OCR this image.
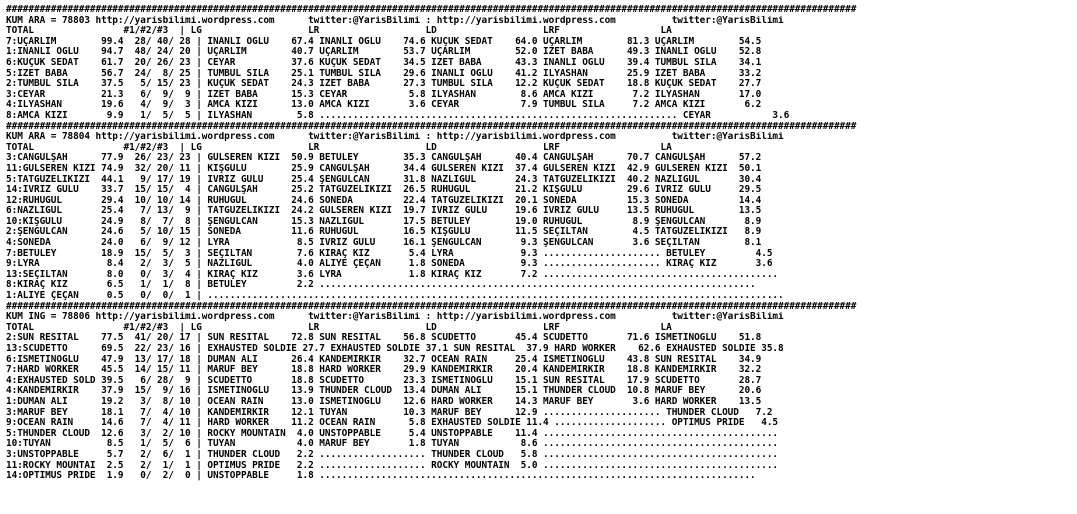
########################################################################################################################################################
KUM ARA = 78803 http://yarisbilimi.wordpress.com      twitter:@YarisBilimi : http://yarisbilimi.wordpress.com          twitter:@YarisBilimi
TOTAL                #1/#2/#3  | LG                   LR                   LD                   LRF                  LA
7:UÇARLIM        99.4  28/ 40/ 28 | İNANLI OĞLU    67.4 İNANLI OĞLU    74.6 KÜÇÜK SEDAT    64.0 UÇARLIM        81.3 UÇARLIM        54.5
1:İNANLI OĞLU    94.7  48/ 24/ 20 | UÇARLIM        40.7 UÇARLIM        53.7 UÇARLIM        52.0 İZET BABA      49.3 İNANLI OĞLU    52.8
6:KÜÇÜK SEDAT    61.7  20/ 26/ 23 | CEYAR          37.6 KÜÇÜK SEDAT    34.5 İZET BABA      43.3 İNANLI OĞLU    39.4 TUMBUL SILA    34.1
5:İZET BABA      56.7  24/  8/ 25 | TUMBUL SILA    25.1 TUMBUL SILA    29.6 İNANLI OĞLU    41.2 İLYASHAN       25.9 İZET BABA      33.2
2:TUMBUL SILA    37.5   5/ 15/ 23 | KÜÇÜK SEDAT    24.3 İZET BABA      27.3 TUMBUL SILA    12.2 KÜÇÜK SEDAT    18.8 KÜÇÜK SEDAT    27.7
3:CEYAR          21.3   6/  9/  9 | İZET BABA      15.3 CEYAR           5.8 İLYASHAN        8.6 AMCA KIZI       7.2 İLYASHAN       17.0
4:İLYASHAN       19.6   4/  9/  3 | AMCA KIZI      13.0 AMCA KIZI       3.6 CEYAR           7.9 TUMBUL SILA     7.2 AMCA KIZI       6.2
8:AMCA KIZI       9.9   1/  5/  5 | İLYASHAN        5.8 ................................................................ CEYAR           3.6
########################################################################################################################################################
KUM ARA = 78804 http://yarisbilimi.wordpress.com      twitter:@YarisBilimi : http://yarisbilimi.wordpress.com          twitter:@YarisBilimi
TOTAL                #1/#2/#3  | LG                   LR                   LD                   LRF                  LA
3:CANGÜLŞAH      77.9  26/ 23/ 23 | GÜLSEREN KIZI  50.9 BETÜLEY        35.3 CANGÜLŞAH      40.4 CANGÜLŞAH      70.7 CANGÜLŞAH      57.2
11:GÜLSEREN KIZI 74.9  32/ 20/ 11 | KIŞGÜLÜ        25.9 CANGÜLŞAH      34.4 GÜLSEREN KIZI  37.4 GÜLSEREN KIZI  42.9 GÜLSEREN KIZI  50.1
5:TATGÜZELİKIZI  44.1   9/ 17/ 19 | İVRİZ GÜLÜ     25.4 ŞENGÜLCAN      31.8 NAZLIGÜL       24.3 TATGÜZELİKIZI  40.2 NAZLIGÜL       30.4
14:İVRİZ GÜLÜ    33.7  15/ 15/  4 | CANGÜLŞAH      25.2 TATGÜZELİKIZI  26.5 RUHUGÜL        21.2 KIŞGÜLÜ        29.6 İVRİZ GÜLÜ     29.5
12:RUHUGÜL       29.4  10/ 10/ 14 | RUHUGÜL        24.6 SONEDA         22.4 TATGÜZELİKIZI  20.1 SONEDA         15.3 SONEDA         14.4
6:NAZLIGÜL       25.4   7/ 13/  9 | TATGÜZELİKIZI  24.2 GÜLSEREN KIZI  19.7 İVRİZ GÜLÜ     19.6 İVRİZ GÜLÜ     13.5 RUHUGÜL        13.5
10:KIŞGÜLÜ       24.9   8/  7/  8 | ŞENGÜLCAN      15.3 NAZLIGÜL       17.5 BETÜLEY        19.0 RUHUGÜL         8.9 ŞENGÜLCAN       8.9
2:ŞENGÜLCAN      24.6   5/ 10/ 15 | SONEDA         11.6 RUHUGÜL        16.5 KIŞGÜLÜ        11.5 SEÇİLTAN        4.5 TATGÜZELİKIZI   8.9
4:SONEDA         24.0   6/  9/ 12 | LYRA            8.5 İVRİZ GÜLÜ     16.1 ŞENGÜLCAN       9.3 ŞENGÜLCAN       3.6 SEÇİLTAN        8.1
7:BETÜLEY        18.9  15/  5/  3 | SEÇİLTAN        7.6 KIRAÇ KIZ       5.4 LYRA            9.3 ..................... BETÜLEY         4.5
9:LYRA            8.4   2/  3/  5 | NAZLIGÜL        4.0 ALİYE ÇEÇAN     1.8 SONEDA          9.3 ..................... KIRAÇ KIZ       3.6
13:SEÇİLTAN       8.0   0/  3/  4 | KIRAÇ KIZ       3.6 LYRA            1.8 KIRAÇ KIZ       7.2 ..........................................
8:KIRAÇ KIZ       6.5   1/  1/  8 | BETÜLEY         2.2 ..............................................................................
1:ALİYE ÇEÇAN     0.5   0/  0/  1 | .......................................................................................................
########################################################################################################################################################
KUM İNG = 78806 http://yarisbilimi.wordpress.com      twitter:@YarisBilimi : http://yarisbilimi.wordpress.com          twitter:@YarisBilimi
TOTAL                #1/#2/#3  | LG                   LR                   LD                   LRF                  LA
2:SUN RESITAL    77.5  41/ 20/ 17 | SUN RESITAL    72.8 SUN RESITAL    56.8 SCUDETTO       45.4 SCUDETTO       71.6 İSMETİNOĞLU    51.8
13:SCUDETTO      69.5  22/ 23/ 16 | EXHAUSTED SOLDIE 27.7 EXHAUSTED SOLDIE 37.1 SUN RESITAL  37.9 HARD WORKER    62.6 EXHAUSTED SOLDIE 35.8
6:İSMETİNOĞLU    47.9  13/ 17/ 18 | DUMAN ALİ      26.4 KANDEMİRKIR    32.7 OCEAN RAIN     25.4 İSMETİNOĞLU    43.8 SUN RESITAL    34.9
7:HARD WORKER    45.5  14/ 15/ 11 | MARUF BEY      18.8 HARD WORKER    29.9 KANDEMİRKIR    20.4 KANDEMİRKIR    18.8 KANDEMİRKIR    32.2
4:EXHAUSTED SOLD 39.5   6/ 28/  9 | SCUDETTO       18.8 SCUDETTO       23.3 İSMETİNOĞLU    15.1 SUN RESITAL    17.9 SCUDETTO       28.7
4:KANDEMİRKIR    37.9  15/  9/ 16 | İSMETİNOĞLU    13.9 THUNDER CLOUD  13.4 DUMAN ALİ      15.1 THUNDER CLOUD  10.8 MARUF BEY      20.6
1:DUMAN ALİ      19.2   3/  8/ 10 | OCEAN RAIN     13.0 İSMETİNOĞLU    12.6 HARD WORKER    14.3 MARUF BEY       3.6 HARD WORKER    13.5
3:MARUF BEY      18.1   7/  4/ 10 | KANDEMİRKIR    12.1 TUYAN          10.3 MARUF BEY      12.9 ..................... THUNDER CLOUD   7.2
9:OCEAN RAIN     14.6   7/  4/ 11 | HARD WORKER    11.2 OCEAN RAIN      5.8 EXHAUSTED SOLDIE 11.4 .................... OPTIMUS PRIDE   4.5
5:THUNDER CLOUD  12.6   3/  2/ 10 | ROCKY MOUNTAIN  4.0 UNSTOPPABLE     5.4 UNSTOPPABLE    11.4 ..........................................
10:TUYAN          8.5   1/  5/  6 | TUYAN           4.0 MARUF BEY       1.8 TUYAN           8.6 ..........................................
3:UNSTOPPABLE     5.7   2/  6/  1 | THUNDER CLOUD   2.2 ................... THUNDER CLOUD   5.8 ..........................................
11:ROCKY MOUNTAI  2.5   2/  1/  1 | OPTIMUS PRIDE   2.2 ................... ROCKY MOUNTAIN  5.0 ..........................................
14:OPTIMUS PRIDE  1.9   0/  2/  0 | UNSTOPPABLE     1.8 ..............................................................................
